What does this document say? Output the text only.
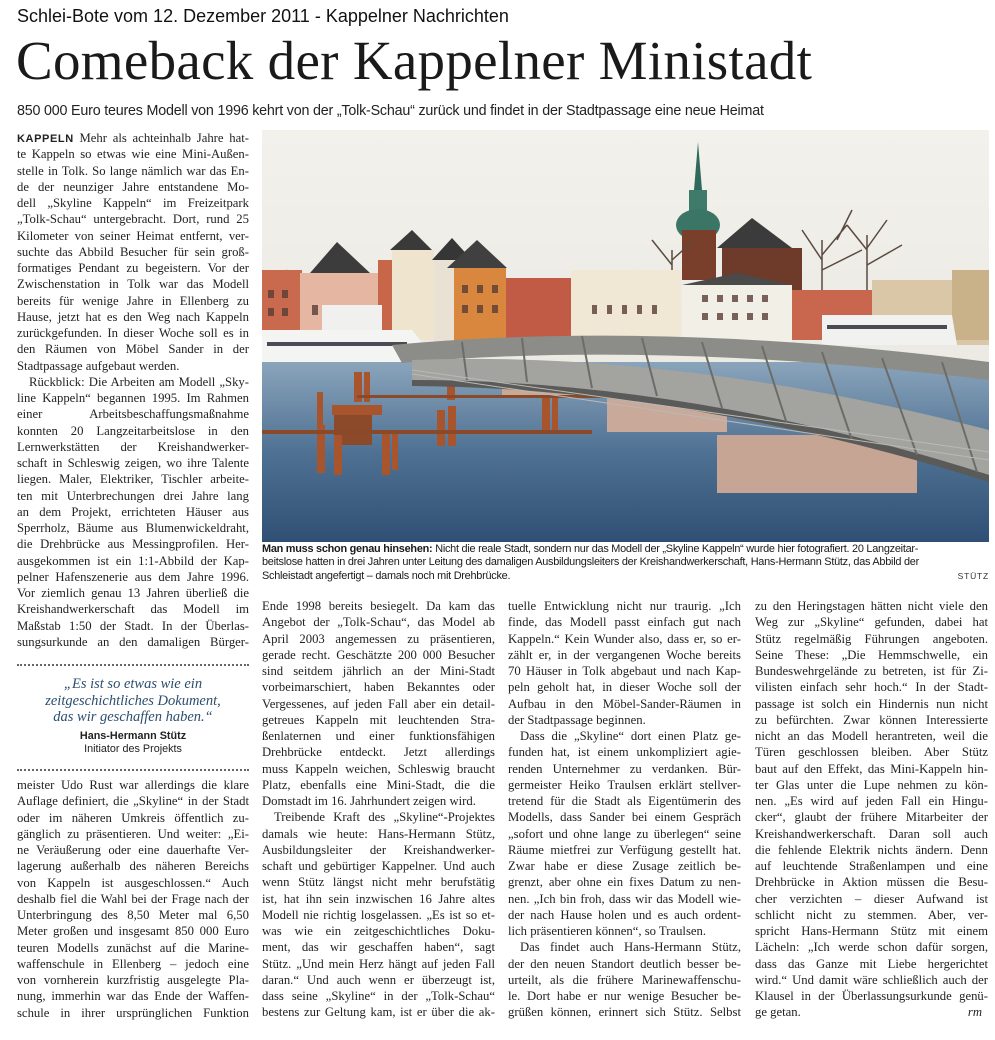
Schlei-Bote vom 12. Dezember 2011 - Kappelner Nachrichten
Comeback der Kappelner Ministadt
850 000 Euro teures Modell von 1996 kehrt von der „Tolk-Schau“ zurück und findet in der Stadtpassage eine neue Heimat
KAPPELN Mehr als achteinhalb Jahre hat-
te Kappeln so etwas wie eine Mini-Außen-
stelle in Tolk. So lange nämlich war das En-
de der neunziger Jahre entstandene Mo-
dell „Skyline Kappeln“ im Freizeitpark
„Tolk-Schau“ untergebracht. Dort, rund 25
Kilometer von seiner Heimat entfernt, ver-
suchte das Abbild Besucher für sein groß-
formatiges Pendant zu begeistern. Vor der
Zwischenstation in Tolk war das Modell
bereits für wenige Jahre in Ellenberg zu
Hause, jetzt hat es den Weg nach Kappeln
zurückgefunden. In dieser Woche soll es in
den Räumen von Möbel Sander in der
Stadtpassage aufgebaut werden.
Rückblick: Die Arbeiten am Modell „Sky-
line Kappeln“ begannen 1995. Im Rahmen
einer Arbeitsbeschaffungsmaßnahme
konnten 20 Langzeitarbeitslose in den
Lernwerkstätten der Kreishandwerker-
schaft in Schleswig zeigen, wo ihre Talente
liegen. Maler, Elektriker, Tischler arbeite-
ten mit Unterbrechungen drei Jahre lang
an dem Projekt, errichteten Häuser aus
Sperrholz, Bäume aus Blumenwickeldraht,
die Drehbrücke aus Messingprofilen. Her-
ausgekommen ist ein 1:1-Abbild der Kap-
pelner Hafenszenerie aus dem Jahre 1996.
Vor ziemlich genau 13 Jahren überließ die
Kreishandwerkerschaft das Modell im
Maßstab 1:50 der Stadt. In der Überlas-
sungsurkunde an den damaligen Bürger-
„Es ist so etwas wie ein
zeitgeschichtliches Dokument,
das wir geschaffen haben.“
Hans-Hermann Stütz
Initiator des Projekts
meister Udo Rust war allerdings die klare
Auflage definiert, die „Skyline“ in der Stadt
oder im näheren Umkreis öffentlich zu-
gänglich zu präsentieren. Und weiter: „Ei-
ne Veräußerung oder eine dauerhafte Ver-
lagerung außerhalb des näheren Bereichs
von Kappeln ist ausgeschlossen.“ Auch
deshalb fiel die Wahl bei der Frage nach der
Unterbringung des 8,50 Meter mal 6,50
Meter großen und insgesamt 850 000 Euro
teuren Modells zunächst auf die Marine-
waffenschule in Ellenberg – jedoch eine
von vornherein kurzfristig ausgelegte Pla-
nung, immerhin war das Ende der Waffen-
schule in ihrer ursprünglichen Funktion
Man muss schon genau hinsehen: Nicht die reale Stadt, sondern nur das Modell der „Skyline Kappeln“ wurde hier fotografiert. 20 Langzeitar-
beitslose hatten in drei Jahren unter Leitung des damaligen Ausbildungsleiters der Kreishandwerkerschaft, Hans-Hermann Stütz, das Abbild der
Schleistadt angefertigt – damals noch mit Drehbrücke.	STÜTZ
Ende 1998 bereits besiegelt. Da kam das
Angebot der „Tolk-Schau“, das Model ab
April 2003 angemessen zu präsentieren,
gerade recht. Geschätzte 200 000 Besucher
sind seitdem jährlich an der Mini-Stadt
vorbeimarschiert, haben Bekanntes oder
Vergessenes, auf jeden Fall aber ein detail-
getreues Kappeln mit leuchtenden Stra-
ßenlaternen und einer funktionsfähigen
Drehbrücke entdeckt. Jetzt allerdings
muss Kappeln weichen, Schleswig braucht
Platz, ebenfalls eine Mini-Stadt, die die
Domstadt im 16. Jahrhundert zeigen wird.
Treibende Kraft des „Skyline“-Projektes
damals wie heute: Hans-Hermann Stütz,
Ausbildungsleiter der Kreishandwerker-
schaft und gebürtiger Kappelner. Und auch
wenn Stütz längst nicht mehr berufstätig
ist, hat ihn sein inzwischen 16 Jahre altes
Modell nie richtig losgelassen. „Es ist so et-
was wie ein zeitgeschichtliches Doku-
ment, das wir geschaffen haben“, sagt
Stütz. „Und mein Herz hängt auf jeden Fall
daran.“ Und auch wenn er überzeugt ist,
dass seine „Skyline“ in der „Tolk-Schau“
bestens zur Geltung kam, ist er über die ak-
tuelle Entwicklung nicht nur traurig. „Ich
finde, das Modell passt einfach gut nach
Kappeln.“ Kein Wunder also, dass er, so er-
zählt er, in der vergangenen Woche bereits
70 Häuser in Tolk abgebaut und nach Kap-
peln geholt hat, in dieser Woche soll der
Aufbau in den Möbel-Sander-Räumen in
der Stadtpassage beginnen.
Dass die „Skyline“ dort einen Platz ge-
funden hat, ist einem unkompliziert agie-
renden Unternehmer zu verdanken. Bür-
germeister Heiko Traulsen erklärt stellver-
tretend für die Stadt als Eigentümerin des
Modells, dass Sander bei einem Gespräch
„sofort und ohne lange zu überlegen“ seine
Räume mietfrei zur Verfügung gestellt hat.
Zwar habe er diese Zusage zeitlich be-
grenzt, aber ohne ein fixes Datum zu nen-
nen. „Ich bin froh, dass wir das Modell wie-
der nach Hause holen und es auch ordent-
lich präsentieren können“, so Traulsen.
Das findet auch Hans-Hermann Stütz,
der den neuen Standort deutlich besser be-
urteilt, als die frühere Marinewaffenschu-
le. Dort habe er nur wenige Besucher be-
grüßen können, erinnert sich Stütz. Selbst
zu den Heringstagen hätten nicht viele den
Weg zur „Skyline“ gefunden, dabei hat
Stütz regelmäßig Führungen angeboten.
Seine These: „Die Hemmschwelle, ein
Bundeswehrgelände zu betreten, ist für Zi-
vilisten einfach sehr hoch.“ In der Stadt-
passage ist solch ein Hindernis nun nicht
zu befürchten. Zwar können Interessierte
nicht an das Modell herantreten, weil die
Türen geschlossen bleiben. Aber Stütz
baut auf den Effekt, das Mini-Kappeln hin-
ter Glas unter die Lupe nehmen zu kön-
nen. „Es wird auf jeden Fall ein Hingu-
cker“, glaubt der frühere Mitarbeiter der
Kreishandwerkerschaft. Daran soll auch
die fehlende Elektrik nichts ändern. Denn
auf leuchtende Straßenlampen und eine
Drehbrücke in Aktion müssen die Besu-
cher verzichten – dieser Aufwand ist
schlicht nicht zu stemmen. Aber, ver-
spricht Hans-Hermann Stütz mit einem
Lächeln: „Ich werde schon dafür sorgen,
dass das Ganze mit Liebe hergerichtet
wird.“ Und damit wäre schließlich auch der
Klausel in der Überlassungsurkunde genü-
ge getan.	rm
